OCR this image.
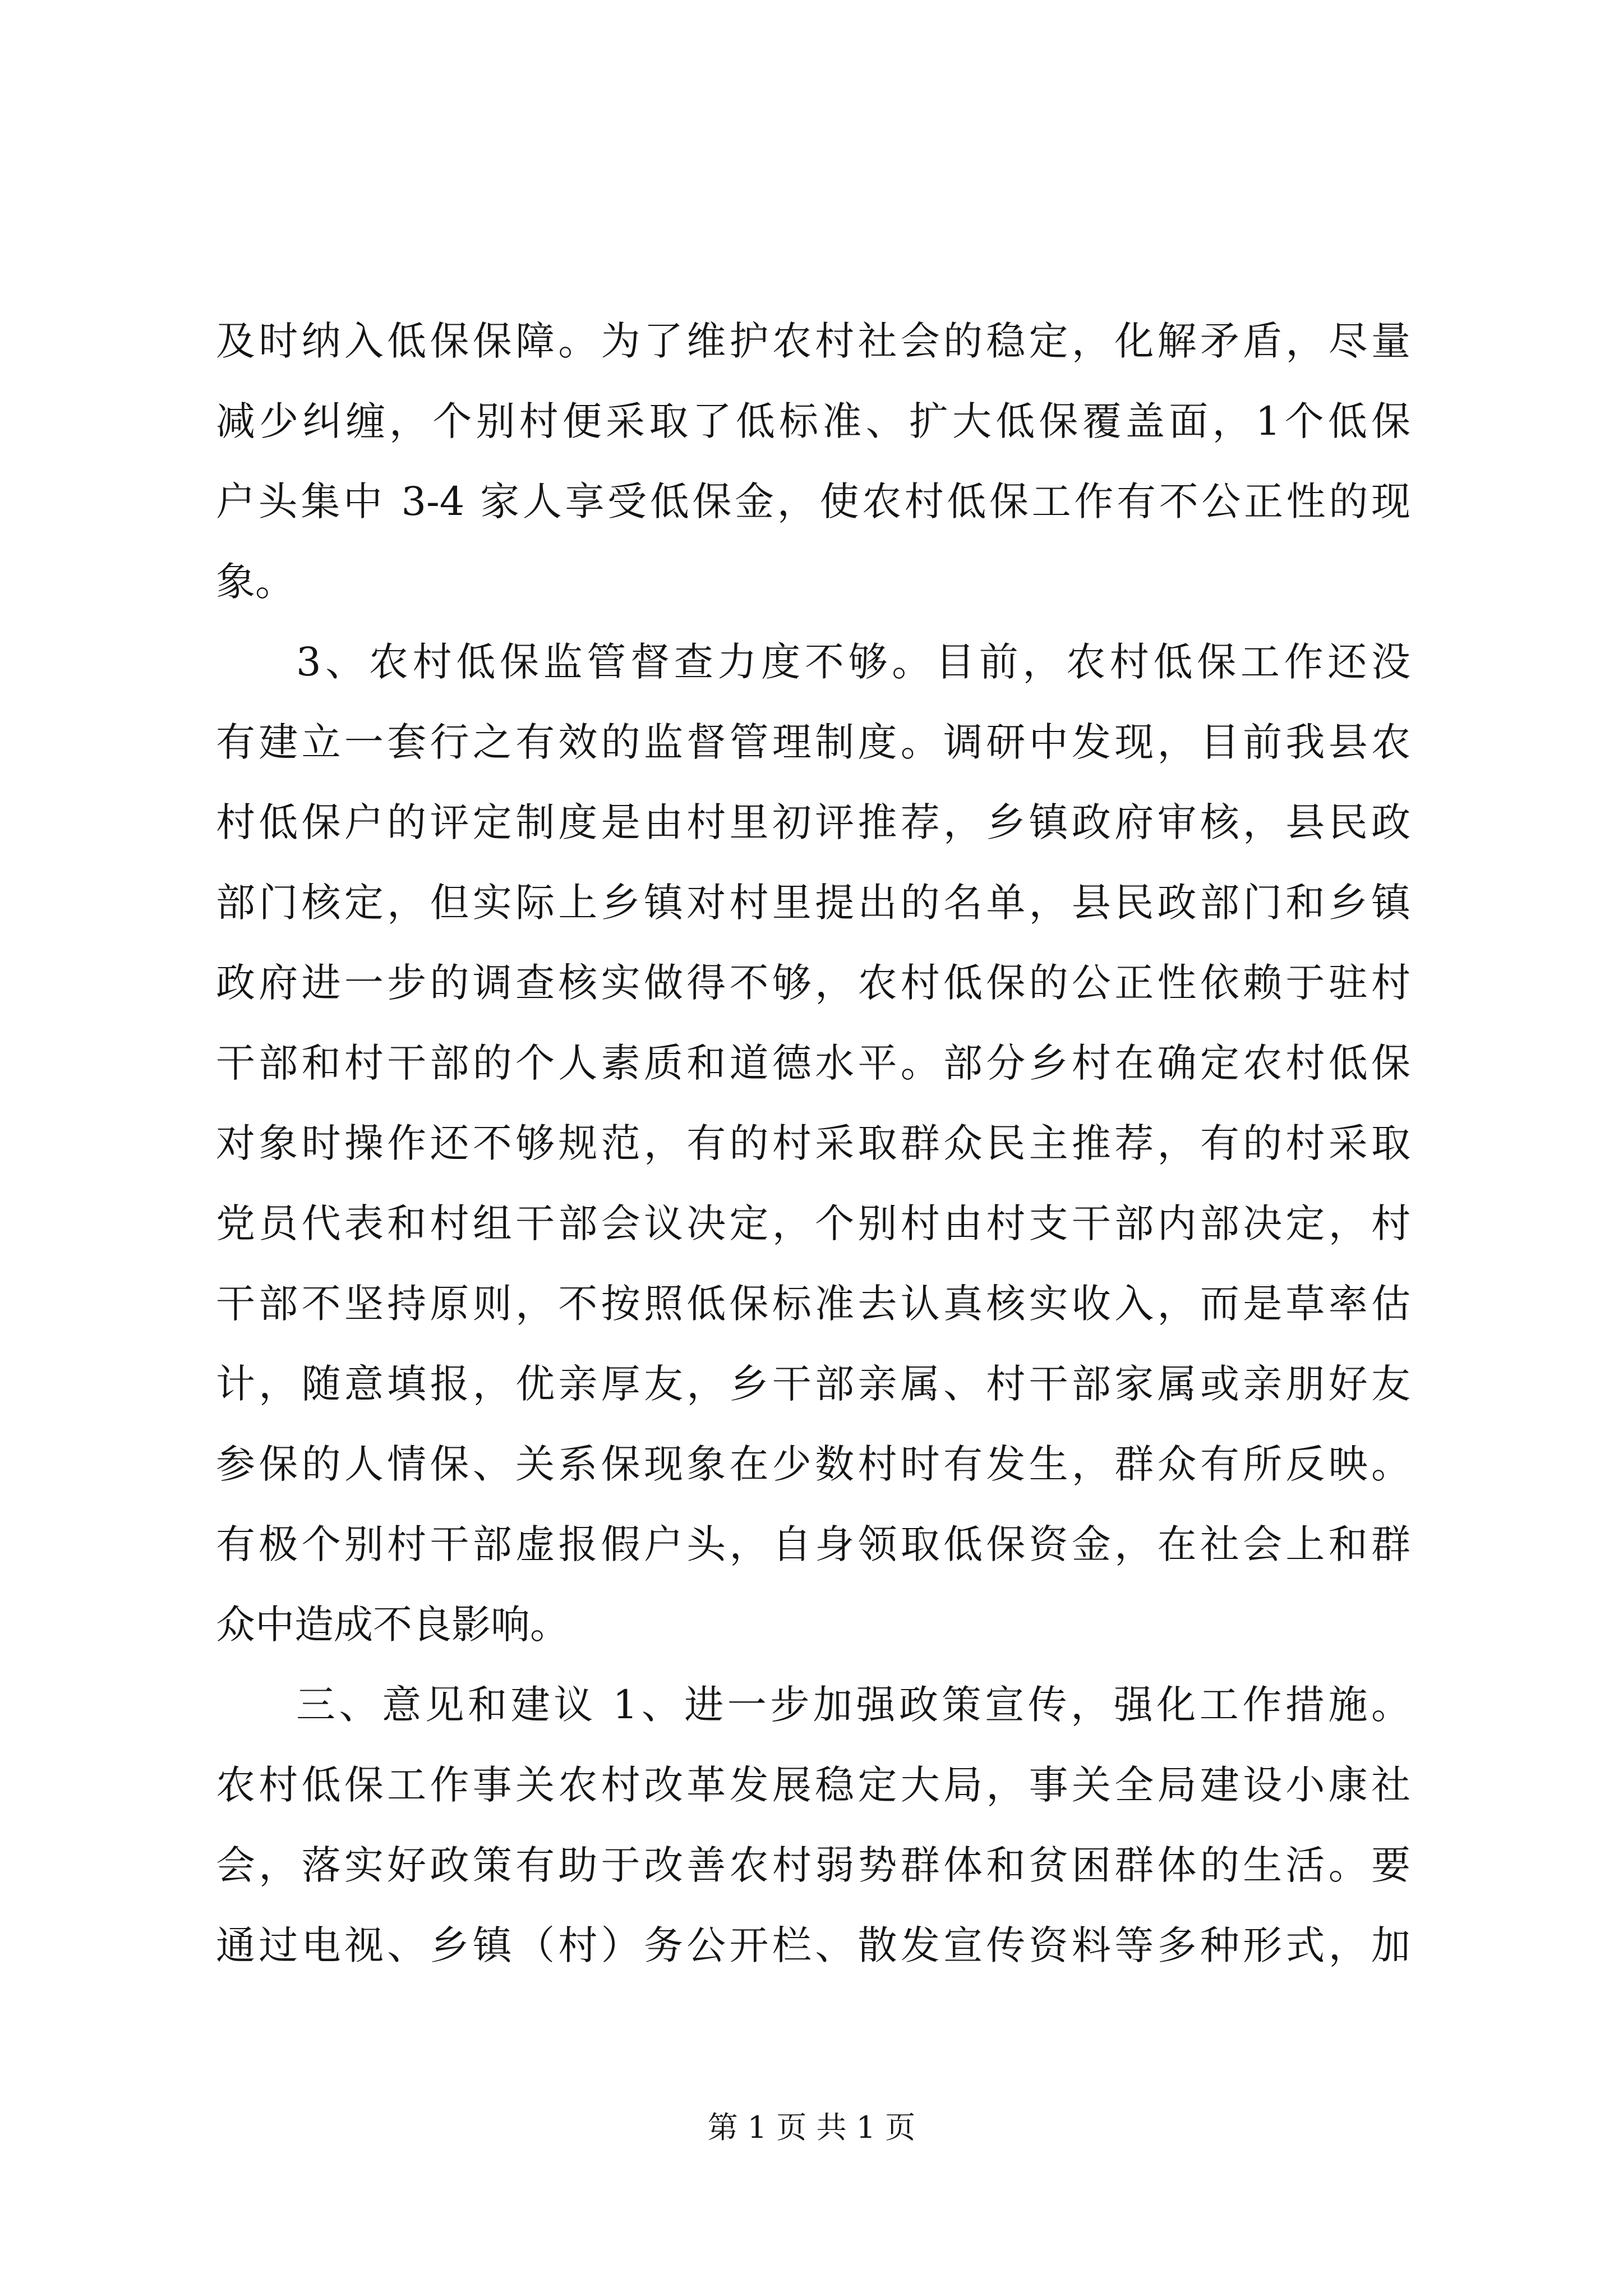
及时纳入低保保障。为了维护农村社会的稳定，化解矛盾，尽量
减少纠缠，个别村便采取了低标准、扩大低保覆盖面，1个低保
户头集中 3-4 家人享受低保金，使农村低保工作有不公正性的现
象。
3、农村低保监管督查力度不够。目前，农村低保工作还没
有建立一套行之有效的监督管理制度。调研中发现，目前我县农
村低保户的评定制度是由村里初评推荐，乡镇政府审核，县民政
部门核定，但实际上乡镇对村里提出的名单，县民政部门和乡镇
政府进一步的调查核实做得不够，农村低保的公正性依赖于驻村
干部和村干部的个人素质和道德水平。部分乡村在确定农村低保
对象时操作还不够规范，有的村采取群众民主推荐，有的村采取
党员代表和村组干部会议决定，个别村由村支干部内部决定，村
干部不坚持原则，不按照低保标准去认真核实收入，而是草率估
计，随意填报，优亲厚友，乡干部亲属、村干部家属或亲朋好友
参保的人情保、关系保现象在少数村时有发生，群众有所反映。
有极个别村干部虚报假户头，自身领取低保资金，在社会上和群
众中造成不良影响。
三、意见和建议 1、进一步加强政策宣传，强化工作措施。
农村低保工作事关农村改革发展稳定大局，事关全局建设小康社
会，落实好政策有助于改善农村弱势群体和贫困群体的生活。要
通过电视、乡镇（村）务公开栏、散发宣传资料等多种形式，加
第 1 页 共 1 页
